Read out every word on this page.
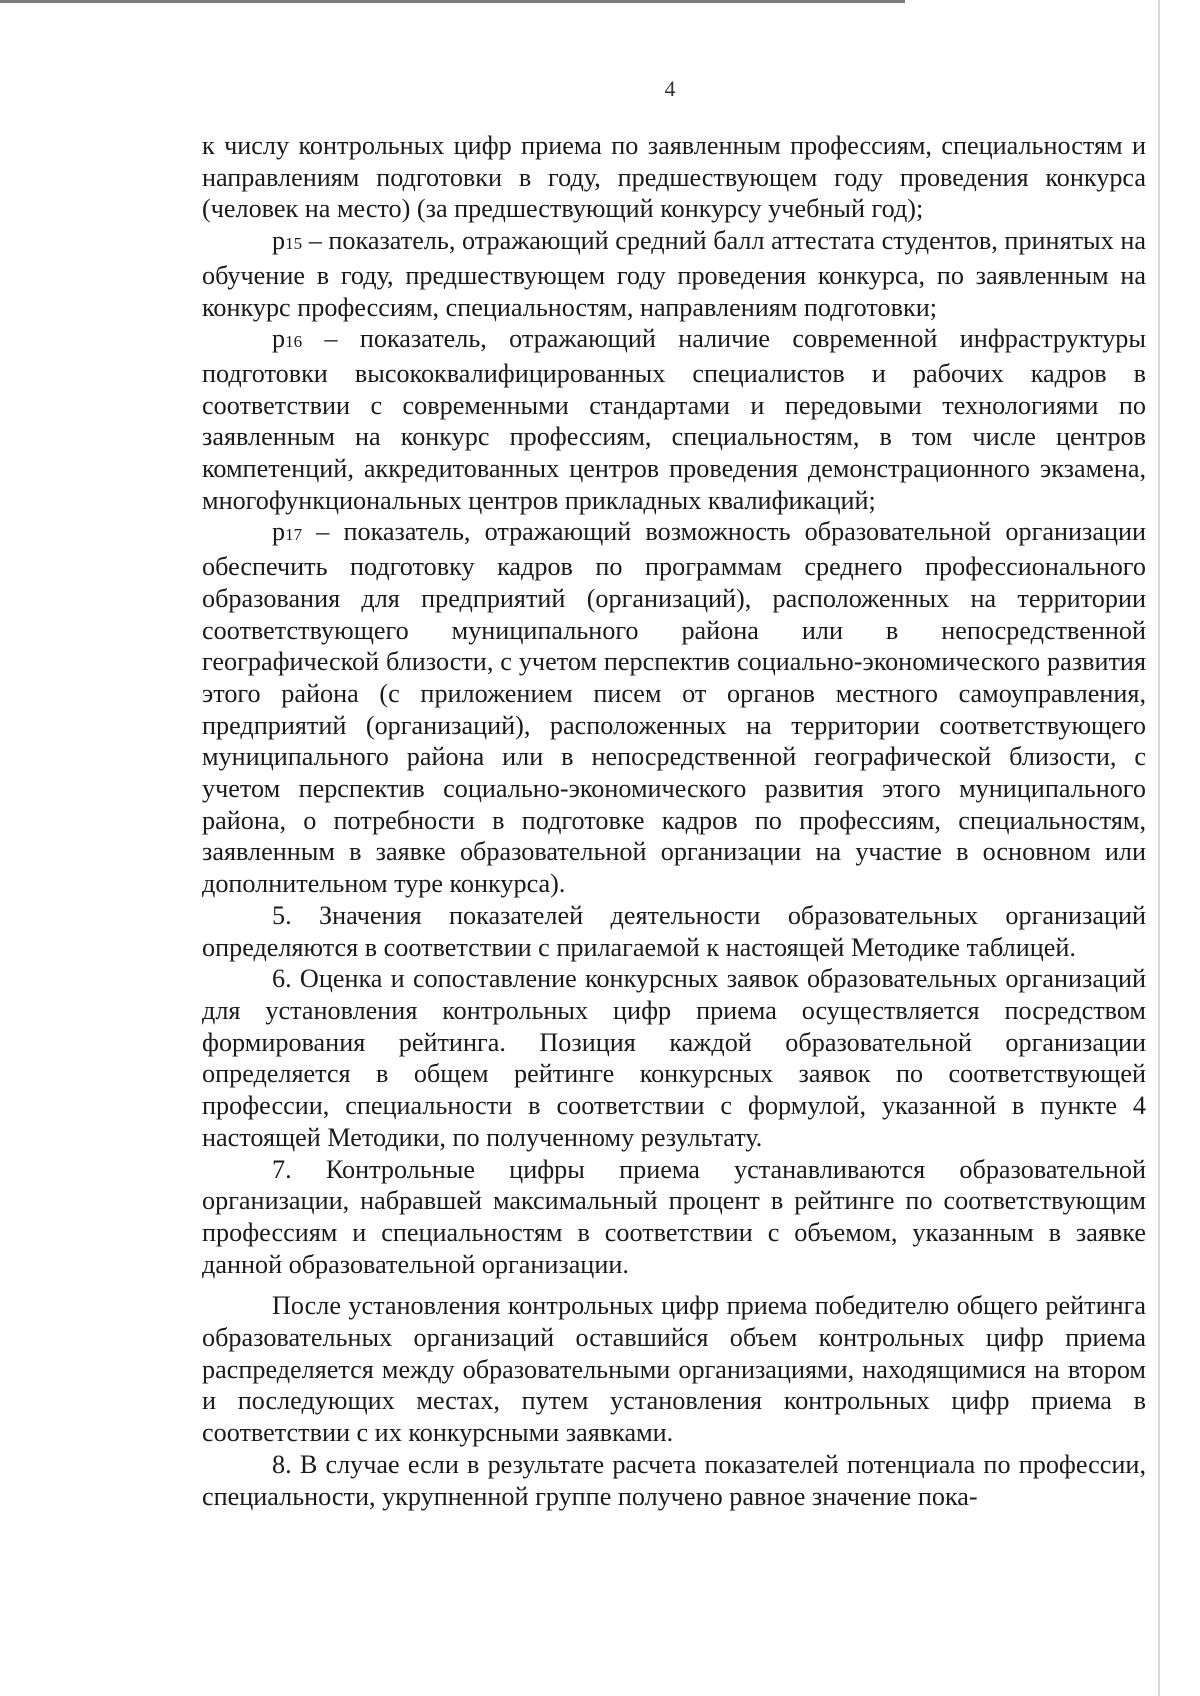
4

к числу контрольных цифр приема по заявленным профессиям, специальностям и направлениям подготовки в году, предшествующем году проведения конкурса (человек на место) (за предшествующий конкурсу учебный год);

p15 – показатель, отражающий средний балл аттестата студентов, принятых на обучение в году, предшествующем году проведения конкурса, по заявленным на конкурс профессиям, специальностям, направлениям подготовки;

p16 – показатель, отражающий наличие современной инфраструктуры подготовки высококвалифицированных специалистов и рабочих кадров в соответствии с современными стандартами и передовыми технологиями по заявленным на конкурс профессиям, специальностям, в том числе центров компетенций, аккредитованных центров проведения демонстрационного экзамена, многофункциональных центров прикладных квалификаций;

p17 – показатель, отражающий возможность образовательной организации обеспечить подготовку кадров по программам среднего профессионального образования для предприятий (организаций), расположенных на территории соответствующего муниципального района или в непосредственной географической близости, с учетом перспектив социально-экономического развития этого района (с приложением писем от органов местного самоуправления, предприятий (организаций), расположенных на территории соответствующего муниципального района или в непосредственной географической близости, с учетом перспектив социально-экономического развития этого муниципального района, о потребности в подготовке кадров по профессиям, специальностям, заявленным в заявке образовательной организации на участие в основном или дополнительном туре конкурса).

5. Значения показателей деятельности образовательных организаций определяются в соответствии с прилагаемой к настоящей Методике таблицей.

6. Оценка и сопоставление конкурсных заявок образовательных организаций для установления контрольных цифр приема осуществляется посредством формирования рейтинга. Позиция каждой образовательной организации определяется в общем рейтинге конкурсных заявок по соответствующей профессии, специальности в соответствии с формулой, указанной в пункте 4 настоящей Методики, по полученному результату.

7. Контрольные цифры приема устанавливаются образовательной организации, набравшей максимальный процент в рейтинге по соответствующим профессиям и специальностям в соответствии с объемом, указанным в заявке данной образовательной организации.

После установления контрольных цифр приема победителю общего рейтинга образовательных организаций оставшийся объем контрольных цифр приема распределяется между образовательными организациями, находящимися на втором и последующих местах, путем установления контрольных цифр приема в соответствии с их конкурсными заявками.

8. В случае если в результате расчета показателей потенциала по профессии, специальности, укрупненной группе получено равное значение пока-
